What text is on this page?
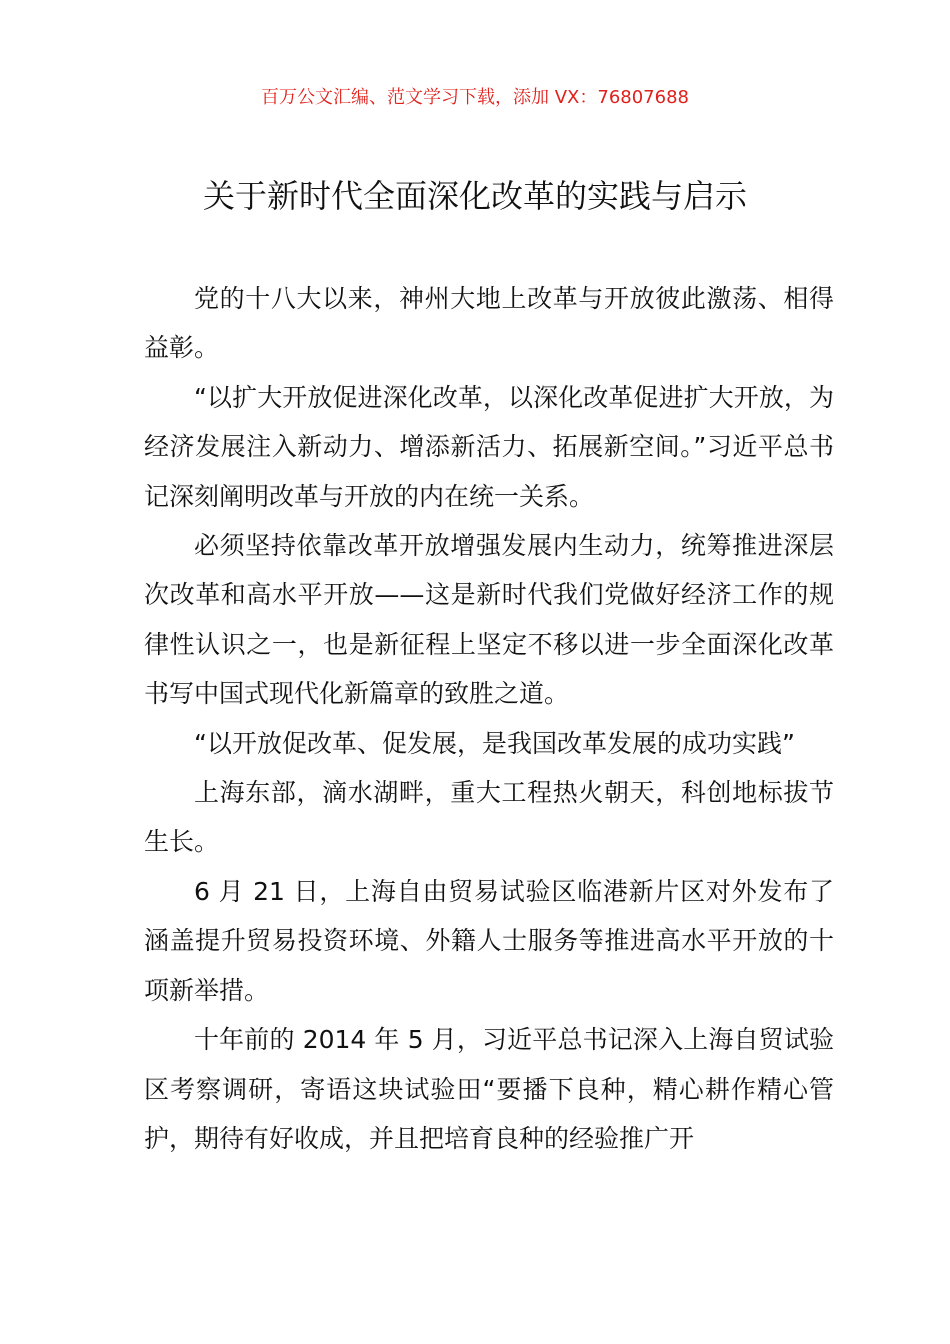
百万公文汇编、范文学习下载，添加 VX：76807688
关于新时代全面深化改革的实践与启示

党的十八大以来，神州大地上改革与开放彼此激荡、相得益彰。

“以扩大开放促进深化改革，以深化改革促进扩大开放，为经济发展注入新动力、增添新活力、拓展新空间。”习近平总书记深刻阐明改革与开放的内在统一关系。

必须坚持依靠改革开放增强发展内生动力，统筹推进深层次改革和高水平开放——这是新时代我们党做好经济工作的规律性认识之一，也是新征程上坚定不移以进一步全面深化改革书写中国式现代化新篇章的致胜之道。

“以开放促改革、促发展，是我国改革发展的成功实践”

上海东部，滴水湖畔，重大工程热火朝天，科创地标拔节生长。

6 月 21 日，上海自由贸易试验区临港新片区对外发布了涵盖提升贸易投资环境、外籍人士服务等推进高水平开放的十项新举措。

十年前的 2014 年 5 月，习近平总书记深入上海自贸试验区考察调研，寄语这块试验田“要播下良种，精心耕作精心管护，期待有好收成，并且把培育良种的经验推广开
